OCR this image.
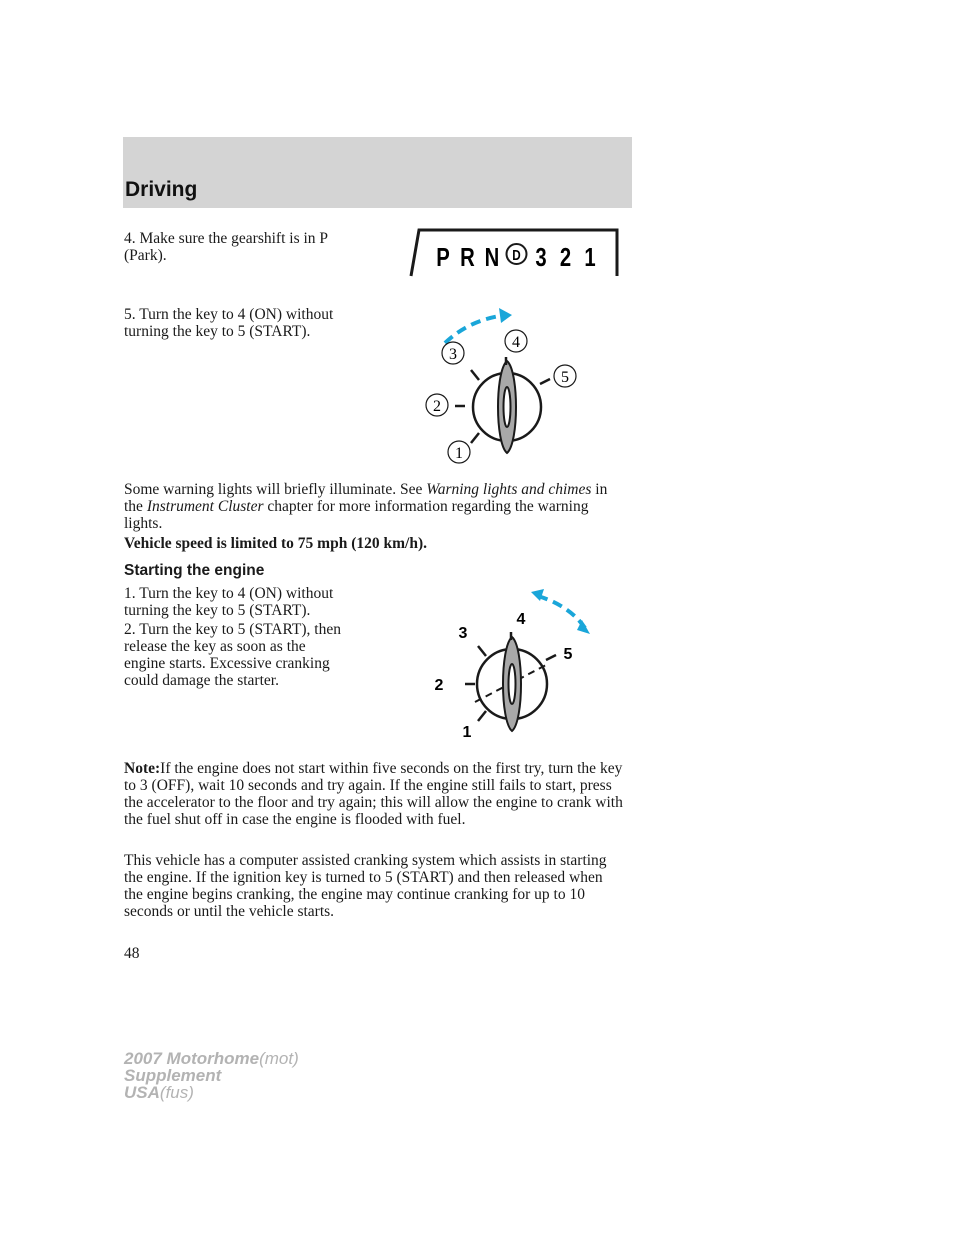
Driving

4. Make sure the gearshift is in P
(Park).	P R N D 3 2 1

5. Turn the key to 4 (ON) without
turning the key to 5 (START).

3
4
5
2
1

Some warning lights will briefly illuminate. See Warning lights and chimes in the Instrument Cluster chapter for more information regarding the warning lights.

Vehicle speed is limited to 75 mph (120 km/h).

Starting the engine

1. Turn the key to 4 (ON) without
turning the key to 5 (START).

2. Turn the key to 5 (START), then
release the key as soon as the
engine starts. Excessive cranking
could damage the starter.

3
4
5
2
1

Note:If the engine does not start within five seconds on the first try, turn the key to 3 (OFF), wait 10 seconds and try again. If the engine still fails to start, press the accelerator to the floor and try again; this will allow the engine to crank with the fuel shut off in case the engine is flooded with fuel.

This vehicle has a computer assisted cranking system which assists in starting the engine. If the ignition key is turned to 5 (START) and then released when the engine begins cranking, the engine may continue cranking for up to 10 seconds or until the vehicle starts.

48
2007 Motorhome(mot)
Supplement
USA(fus)
